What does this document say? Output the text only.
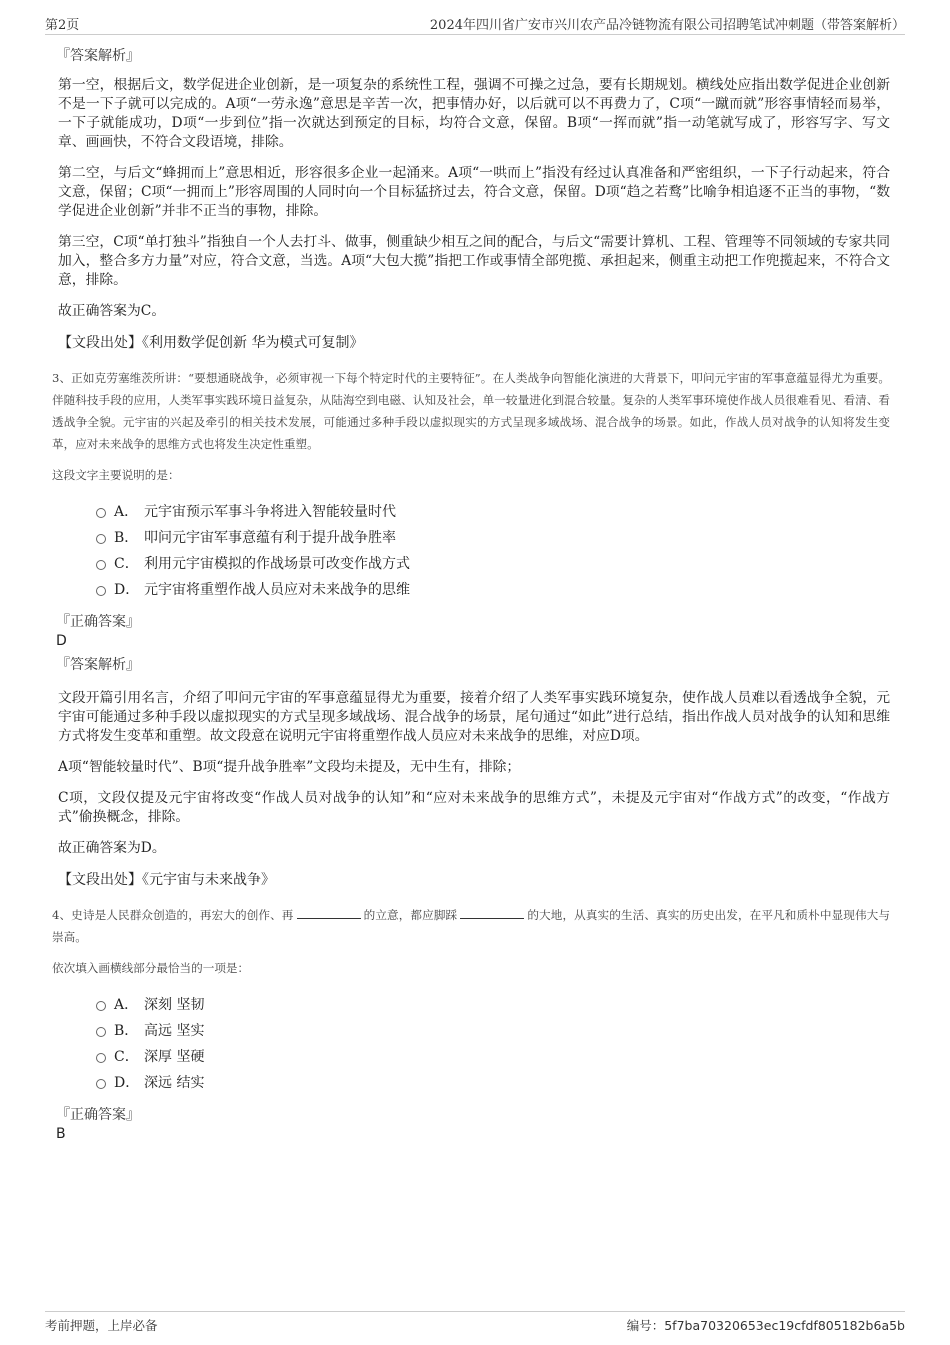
第2页	2024年四川省广安市兴川农产品冷链物流有限公司招聘笔试冲刺题（带答案解析）
『答案解析』

第一空，根据后文，数学促进企业创新，是一项复杂的系统性工程，强调不可操之过急，要有长期规划。横线处应指出数学促进企业创新不是一下子就可以完成的。A项“一劳永逸”意思是辛苦一次，把事情办好，以后就可以不再费力了，C项“一蹴而就”形容事情轻而易举，一下子就能成功，D项“一步到位”指一次就达到预定的目标，均符合文意，保留。B项“一挥而就”指一动笔就写成了，形容写字、写文章、画画快，不符合文段语境，排除。

第二空，与后文“蜂拥而上”意思相近，形容很多企业一起涌来。A项“一哄而上”指没有经过认真准备和严密组织，一下子行动起来，符合文意，保留；C项“一拥而上”形容周围的人同时向一个目标猛挤过去，符合文意，保留。D项“趋之若鹜”比喻争相追逐不正当的事物，“数学促进企业创新”并非不正当的事物，排除。

第三空，C项“单打独斗”指独自一个人去打斗、做事，侧重缺少相互之间的配合，与后文“需要计算机、工程、管理等不同领域的专家共同加入，整合多方力量”对应，符合文意，当选。A项“大包大揽”指把工作或事情全部兜揽、承担起来，侧重主动把工作兜揽起来，不符合文意，排除。

故正确答案为C。

【文段出处】《利用数学促创新 华为模式可复制》

3、正如克劳塞维茨所讲：“要想通晓战争，必须审视一下每个特定时代的主要特征”。在人类战争向智能化演进的大背景下，叩问元宇宙的军事意蕴显得尤为重要。伴随科技手段的应用，人类军事实践环境日益复杂，从陆海空到电磁、认知及社会，单一较量进化到混合较量。复杂的人类军事环境使作战人员很难看见、看清、看透战争全貌。元宇宙的兴起及牵引的相关技术发展，可能通过多种手段以虚拟现实的方式呈现多域战场、混合战争的场景。如此，作战人员对战争的认知将发生变革，应对未来战争的思维方式也将发生决定性重塑。

这段文字主要说明的是：

A． 元宇宙预示军事斗争将进入智能较量时代
B． 叩问元宇宙军事意蕴有利于提升战争胜率
C． 利用元宇宙模拟的作战场景可改变作战方式
D． 元宇宙将重塑作战人员应对未来战争的思维
『正确答案』
D
『答案解析』

文段开篇引用名言，介绍了叩问元宇宙的军事意蕴显得尤为重要，接着介绍了人类军事实践环境复杂，使作战人员难以看透战争全貌，元宇宙可能通过多种手段以虚拟现实的方式呈现多域战场、混合战争的场景，尾句通过“如此”进行总结，指出作战人员对战争的认知和思维方式将发生变革和重塑。故文段意在说明元宇宙将重塑作战人员应对未来战争的思维，对应D项。

A项“智能较量时代”、B项“提升战争胜率”文段均未提及，无中生有，排除；

C项，文段仅提及元宇宙将改变“作战人员对战争的认知”和“应对未来战争的思维方式”，未提及元宇宙对“作战方式”的改变，“作战方式”偷换概念，排除。

故正确答案为D。

【文段出处】《元宇宙与未来战争》

4、史诗是人民群众创造的，再宏大的创作、再	的立意，都应脚踩	的大地，从真实的生活、真实的历史出发，在平凡和质朴中显现伟大与崇高。

依次填入画横线部分最恰当的一项是：

A． 深刻 坚韧
B． 高远 坚实
C． 深厚 坚硬
D． 深远 结实
『正确答案』
B
考前押题，上岸必备	编号：5f7ba70320653ec19cfdf805182b6a5b
